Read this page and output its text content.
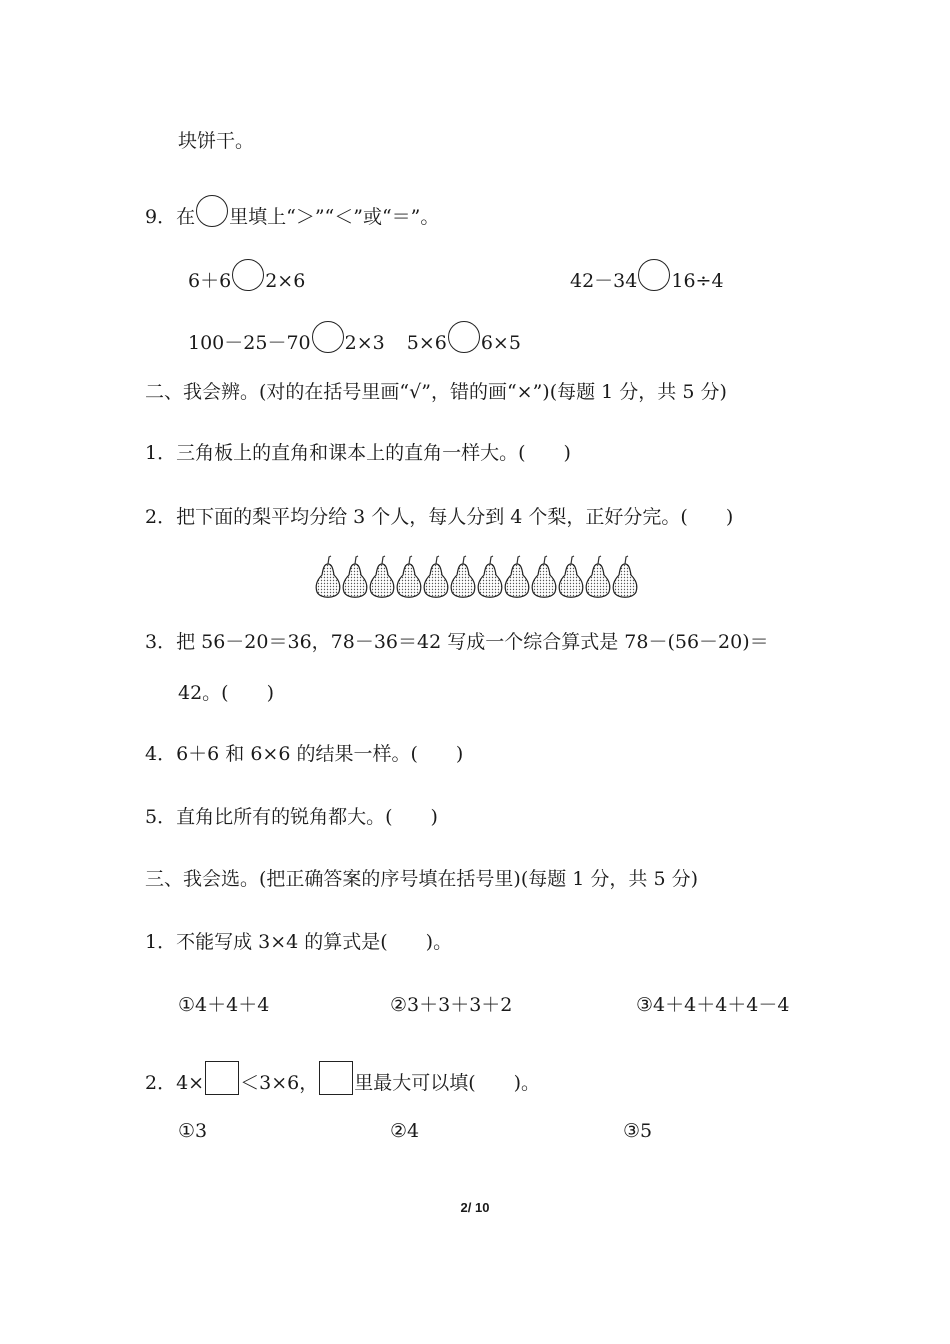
块饼干。
9．在 里填上“＞”“＜”或“＝”。
6＋6 2×6	42－34 16÷4
100－25－70 2×3 5×6 6×5
二、我会辨。(对的在括号里画“√”，错的画“×”)(每题 1 分，共 5 分)
1．三角板上的直角和课本上的直角一样大。(　　)
2．把下面的梨平均分给 3 个人，每人分到 4 个梨，正好分完。(　　)
3．把 56－20＝36，78－36＝42 写成一个综合算式是 78－(56－20)＝
42。(　　)
4．6＋6 和 6×6 的结果一样。(　　)
5．直角比所有的锐角都大。(　　)
三、我会选。(把正确答案的序号填在括号里)(每题 1 分，共 5 分)
1．不能写成 3×4 的算式是(　　)。
①4＋4＋4	②3＋3＋3＋2	③4＋4＋4＋4－4
2．4× ＜3×6， 里最大可以填(　　)。
①3	②4	③5
2/ 10
